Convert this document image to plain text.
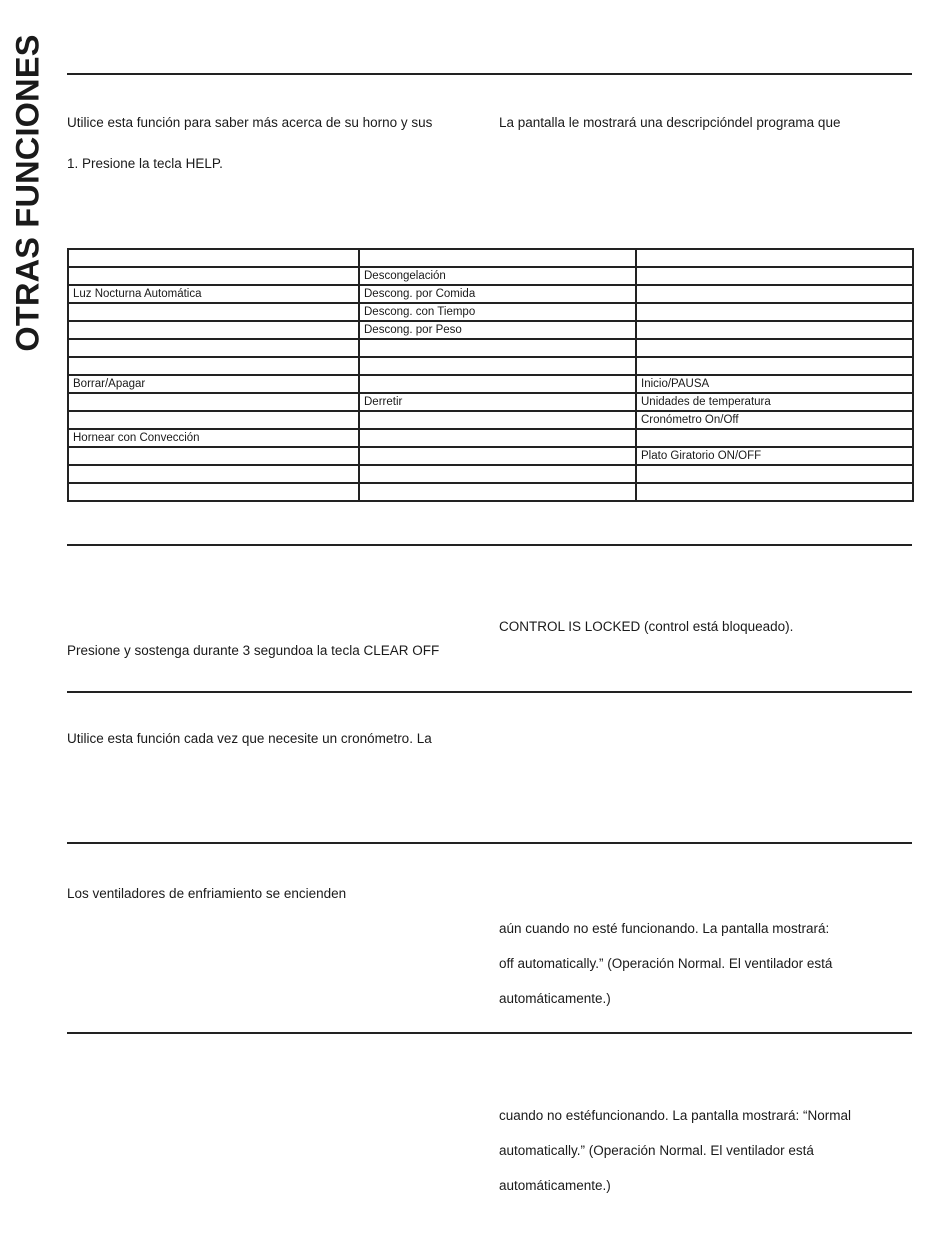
OTRAS FUNCIONES Utilice esta función para saber más acerca de su horno y sus	La pantalla le mostrará una descripcióndel programa que
1. Presione la tecla HELP.

	Descongelación	
Luz Nocturna Automática	Descong. por Comida	
	Descong. con Tiempo	
	Descong. por Peso	

Borrar/Apagar		Inicio/PAUSA
	Derretir	Unidades de temperatura
		Cronómetro On/Off
Hornear con Convección		
		Plato Giratorio ON/OFF

CONTROL IS LOCKED (control está bloqueado).
Presione y sostenga durante 3 segundoa la tecla CLEAR OFF
Utilice esta función cada vez que necesite un cronómetro. La
Los ventiladores de enfriamiento se encienden
aún cuando no esté funcionando. La pantalla mostrará:
off automatically.” (Operación Normal. El ventilador está
automáticamente.)
cuando no estéfuncionando. La pantalla mostrará: “Normal
automatically.” (Operación Normal. El ventilador está
automáticamente.)
